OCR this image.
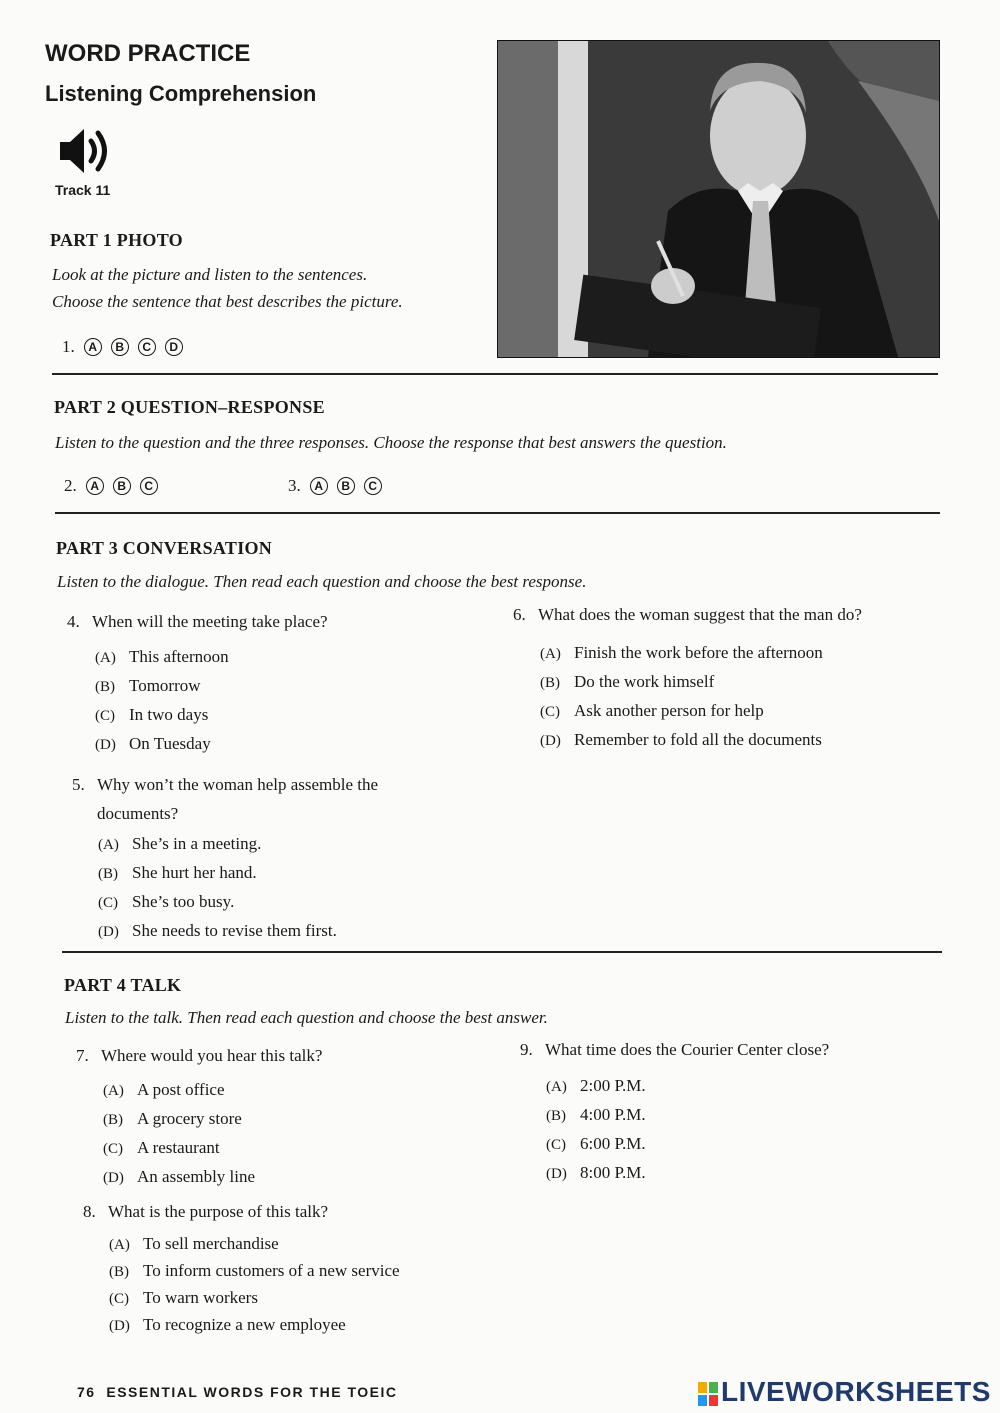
WORD PRACTICE
Listening Comprehension
Track 11
PART 1 PHOTO
Look at the picture and listen to the sentences.
Choose the sentence that best describes the picture.
1.	A	B	C	D
PART 2 QUESTION–RESPONSE
Listen to the question and the three responses. Choose the response that best answers the question.
2.	A	B	C	3.	A	B	C
PART 3 CONVERSATION
Listen to the dialogue. Then read each question and choose the best response.
4. When will the meeting take place?
(A) This afternoon
(B) Tomorrow
(C) In two days
(D) On Tuesday
5. Why won’t the woman help assemble the
documents?
(A) She’s in a meeting.
(B) She hurt her hand.
(C) She’s too busy.
(D) She needs to revise them first.
6. What does the woman suggest that the man do?
(A) Finish the work before the afternoon
(B) Do the work himself
(C) Ask another person for help
(D) Remember to fold all the documents
PART 4 TALK
Listen to the talk. Then read each question and choose the best answer.
7. Where would you hear this talk?
(A) A post office
(B) A grocery store
(C) A restaurant
(D) An assembly line
8. What is the purpose of this talk?
(A) To sell merchandise
(B) To inform customers of a new service
(C) To warn workers
(D) To recognize a new employee
9. What time does the Courier Center close?
(A) 2:00 P.M.
(B) 4:00 P.M.
(C) 6:00 P.M.
(D) 8:00 P.M.
76 ESSENTIAL WORDS FOR THE TOEIC	LIVEWORKSHEETS
